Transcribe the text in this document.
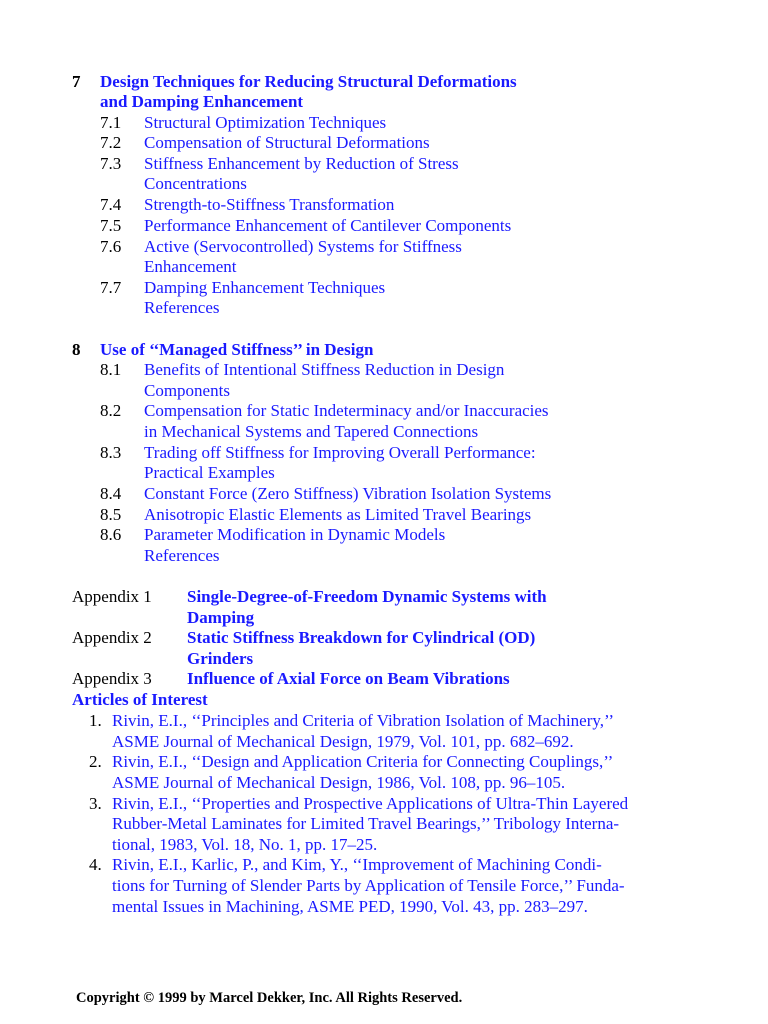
7 Design Techniques for Reducing Structural Deformations
and Damping Enhancement
7.1 Structural Optimization Techniques
7.2 Compensation of Structural Deformations
7.3 Stiffness Enhancement by Reduction of Stress
Concentrations
7.4 Strength-to-Stiffness Transformation
7.5 Performance Enhancement of Cantilever Components
7.6 Active (Servocontrolled) Systems for Stiffness
Enhancement
7.7 Damping Enhancement Techniques
References
8 Use of ‘‘Managed Stiffness’’ in Design
8.1 Benefits of Intentional Stiffness Reduction in Design
Components
8.2 Compensation for Static Indeterminacy and/or Inaccuracies
in Mechanical Systems and Tapered Connections
8.3 Trading off Stiffness for Improving Overall Performance:
Practical Examples
8.4 Constant Force (Zero Stiffness) Vibration Isolation Systems
8.5 Anisotropic Elastic Elements as Limited Travel Bearings
8.6 Parameter Modification in Dynamic Models
References
Appendix 1 Single-Degree-of-Freedom Dynamic Systems with
Damping
Appendix 2 Static Stiffness Breakdown for Cylindrical (OD)
Grinders
Appendix 3 Influence of Axial Force on Beam Vibrations
Articles of Interest
1. Rivin, E.I., ‘‘Principles and Criteria of Vibration Isolation of Machinery,’’
ASME Journal of Mechanical Design, 1979, Vol. 101, pp. 682–692.
2. Rivin, E.I., ‘‘Design and Application Criteria for Connecting Couplings,’’
ASME Journal of Mechanical Design, 1986, Vol. 108, pp. 96–105.
3. Rivin, E.I., ‘‘Properties and Prospective Applications of Ultra-Thin Layered
Rubber-Metal Laminates for Limited Travel Bearings,’’ Tribology Interna-
tional, 1983, Vol. 18, No. 1, pp. 17–25.
4. Rivin, E.I., Karlic, P., and Kim, Y., ‘‘Improvement of Machining Condi-
tions for Turning of Slender Parts by Application of Tensile Force,’’ Funda-
mental Issues in Machining, ASME PED, 1990, Vol. 43, pp. 283–297.
Copyright © 1999 by Marcel Dekker, Inc. All Rights Reserved.
